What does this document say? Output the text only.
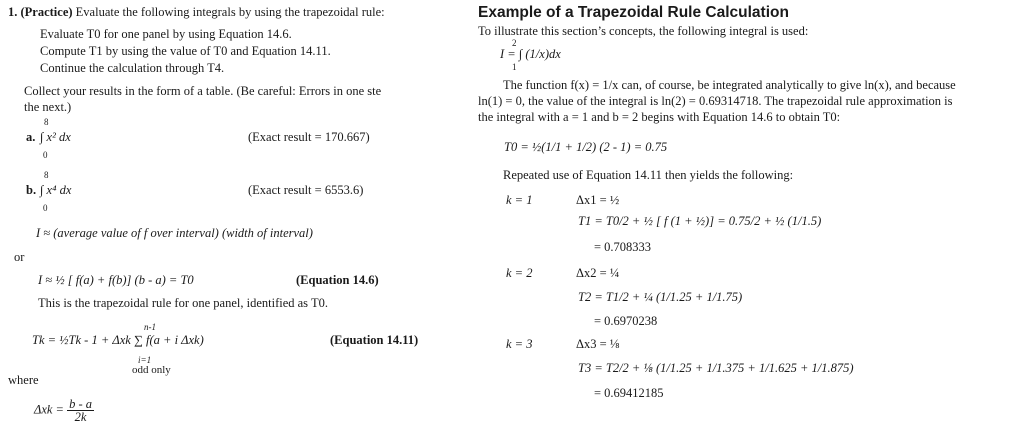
1. (Practice) Evaluate the following integrals by using the trapezoidal rule:
Evaluate T0 for one panel by using Equation 14.6.
Compute T1 by using the value of T0 and Equation 14.11.
Continue the calculation through T4.
Collect your results in the form of a table. (Be careful: Errors in one ste
the next.)
a.
8
∫ x² dx
0
(Exact result = 170.667)
b.
8
∫ x⁴ dx
0
(Exact result = 6553.6)
I ≈ (average value of f over interval) (width of interval)
or
I ≈ ½ [ f(a) + f(b)] (b - a) = T0	(Equation 14.6)
This is the trapezoidal rule for one panel, identified as T0.
n-1
Tk = ½Tk - 1 + Δxk ∑ f(a + i Δxk)
i=1
odd only
(Equation 14.11)
where
$\Delta xk = \frac{b - a}{2k}$
Example of a Trapezoidal Rule Calculation
To illustrate this section’s concepts, the following integral is used:
2
I = ∫ (1/x)dx
1
The function f(x) = 1/x can, of course, be integrated analytically to give ln(x), and because
ln(1) = 0, the value of the integral is ln(2) = 0.69314718. The trapezoidal rule approximation is
the integral with a = 1 and b = 2 begins with Equation 14.6 to obtain T0:
T0 = ½(1/1 + 1/2) (2 - 1) = 0.75
Repeated use of Equation 14.11 then yields the following:
k = 1	Δx1 = ½
T1 = T0/2 + ½ [ f (1 + ½)] = 0.75/2 + ½ (1/1.5)
= 0.708333
k = 2	Δx2 = ¼
T2 = T1/2 + ¼ (1/1.25 + 1/1.75)
= 0.6970238
k = 3	Δx3 = ⅛
T3 = T2/2 + ⅛ (1/1.25 + 1/1.375 + 1/1.625 + 1/1.875)
= 0.69412185
